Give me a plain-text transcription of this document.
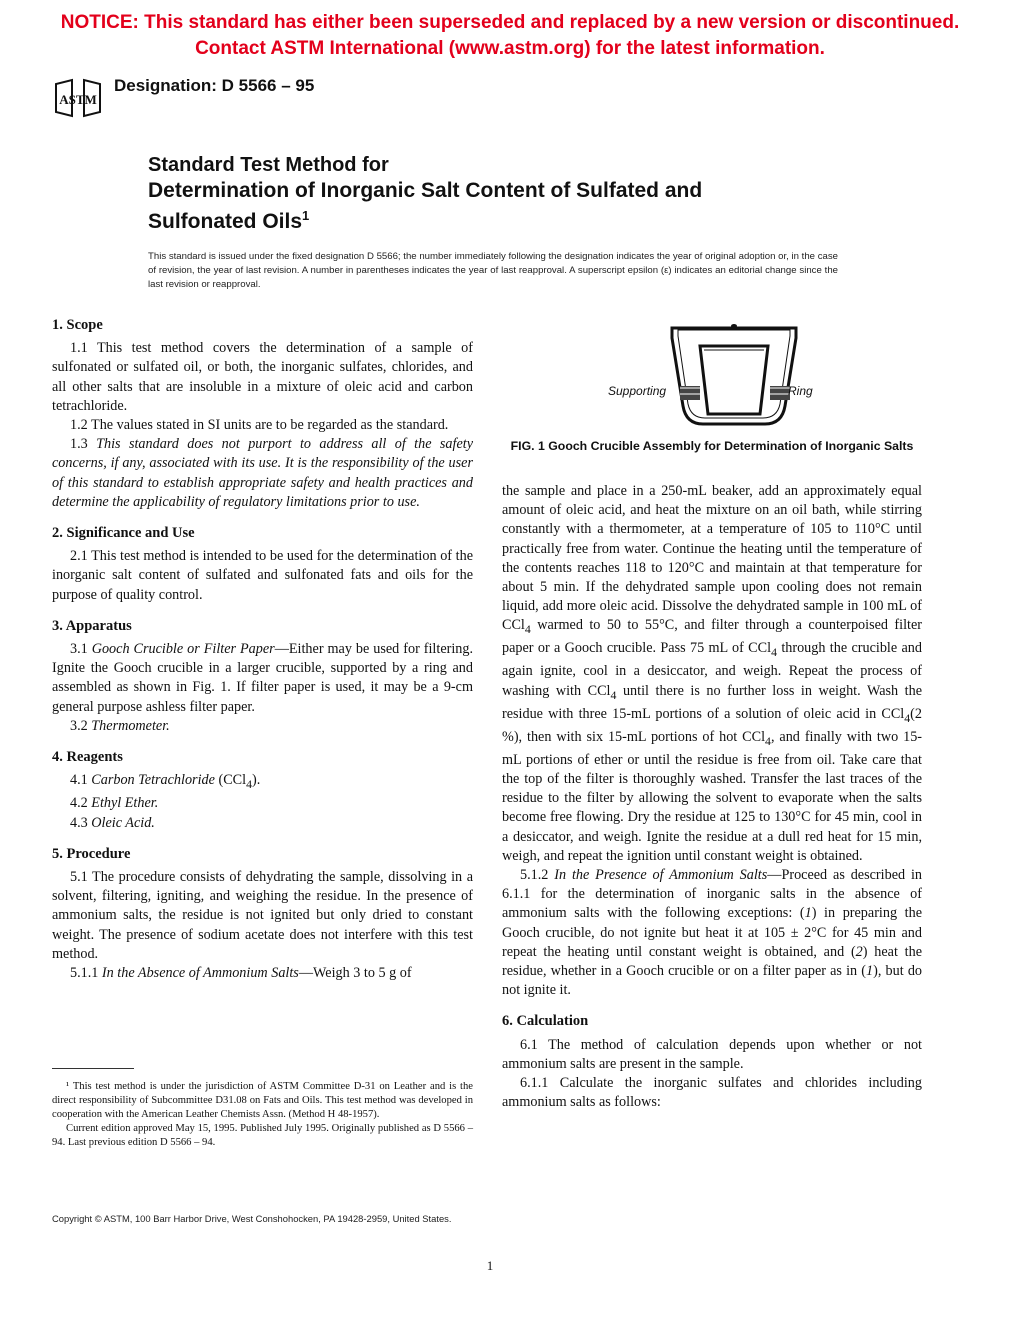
NOTICE: This standard has either been superseded and replaced by a new version or discontinued.
Contact ASTM International (www.astm.org) for the latest information.
ASTM
Designation: D 5566 – 95
Standard Test Method for
Determination of Inorganic Salt Content of Sulfated and
Sulfonated Oils$^1$
This standard is issued under the fixed designation D 5566; the number immediately following the designation indicates the year of original adoption or, in the case of revision, the year of last revision. A number in parentheses indicates the year of last reapproval. A superscript epsilon (ε) indicates an editorial change since the last revision or reapproval.
1. Scope

1.1 This test method covers the determination of a sample of sulfonated or sulfated oil, or both, the inorganic sulfates, chlorides, and all other salts that are insoluble in a mixture of oleic acid and carbon tetrachloride.

1.2 The values stated in SI units are to be regarded as the standard.

1.3 This standard does not purport to address all of the safety concerns, if any, associated with its use. It is the responsibility of the user of this standard to establish appropriate safety and health practices and determine the applicability of regulatory limitations prior to use.

2. Significance and Use

2.1 This test method is intended to be used for the determination of the inorganic salt content of sulfated and sulfonated fats and oils for the purpose of quality control.

3. Apparatus

3.1 Gooch Crucible or Filter Paper—Either may be used for filtering. Ignite the Gooch crucible in a larger crucible, supported by a ring and assembled as shown in Fig. 1. If filter paper is used, it may be a 9-cm general purpose ashless filter paper.

3.2 Thermometer.

4. Reagents

4.1 Carbon Tetrachloride (CCl$_4$).

4.2 Ethyl Ether.

4.3 Oleic Acid.

5. Procedure

5.1 The procedure consists of dehydrating the sample, dissolving in a solvent, filtering, igniting, and weighing the residue. In the presence of ammonium salts, the residue is not ignited but only dried to constant weight. The presence of sodium acetate does not interfere with this test method.

5.1.1 In the Absence of Ammonium Salts—Weigh 3 to 5 g of

Supporting	Ring
FIG. 1 Gooch Crucible Assembly for Determination of Inorganic Salts

the sample and place in a 250-mL beaker, add an approximately equal amount of oleic acid, and heat the mixture on an oil bath, while stirring constantly with a thermometer, at a temperature of 105 to 110°C until practically free from water. Continue the heating until the temperature of the contents reaches 118 to 120°C and maintain at that temperature for about 5 min. If the dehydrated sample upon cooling does not remain liquid, add more oleic acid. Dissolve the dehydrated sample in 100 mL of CCl$_4$ warmed to 50 to 55°C, and filter through a counterpoised filter paper or a Gooch crucible. Pass 75 mL of CCl$_4$ through the crucible and again ignite, cool in a desiccator, and weigh. Repeat the process of washing with CCl$_4$ until there is no further loss in weight. Wash the residue with three 15-mL portions of a solution of oleic acid in CCl$_4$(2 %), then with six 15-mL portions of hot CCl$_4$, and finally with two 15-mL portions of ether or until the residue is free from oil. Take care that the top of the filter is thoroughly washed. Transfer the last traces of the residue to the filter by allowing the solvent to evaporate when the salts become free flowing. Dry the residue at 125 to 130°C for 45 min, cool in a desiccator, and weigh. Ignite the residue at a dull red heat for 15 min, weigh, and repeat the ignition until constant weight is obtained.

5.1.2 In the Presence of Ammonium Salts—Proceed as described in 6.1.1 for the determination of inorganic salts in the absence of ammonium salts with the following exceptions: (1) in preparing the Gooch crucible, do not ignite but heat it at 105 ± 2°C for 45 min and repeat the heating until constant weight is obtained, and (2) heat the residue, whether in a Gooch crucible or on a filter paper as in (1), but do not ignite it.

6. Calculation

6.1 The method of calculation depends upon whether or not ammonium salts are present in the sample.

6.1.1 Calculate the inorganic sulfates and chlorides including ammonium salts as follows:

¹ This test method is under the jurisdiction of ASTM Committee D-31 on Leather and is the direct responsibility of Subcommittee D31.08 on Fats and Oils. This test method was developed in cooperation with the American Leather Chemists Assn. (Method H 48-1957).

Current edition approved May 15, 1995. Published July 1995. Originally published as D 5566 – 94. Last previous edition D 5566 – 94.

Copyright © ASTM, 100 Barr Harbor Drive, West Conshohocken, PA 19428-2959, United States.
1
